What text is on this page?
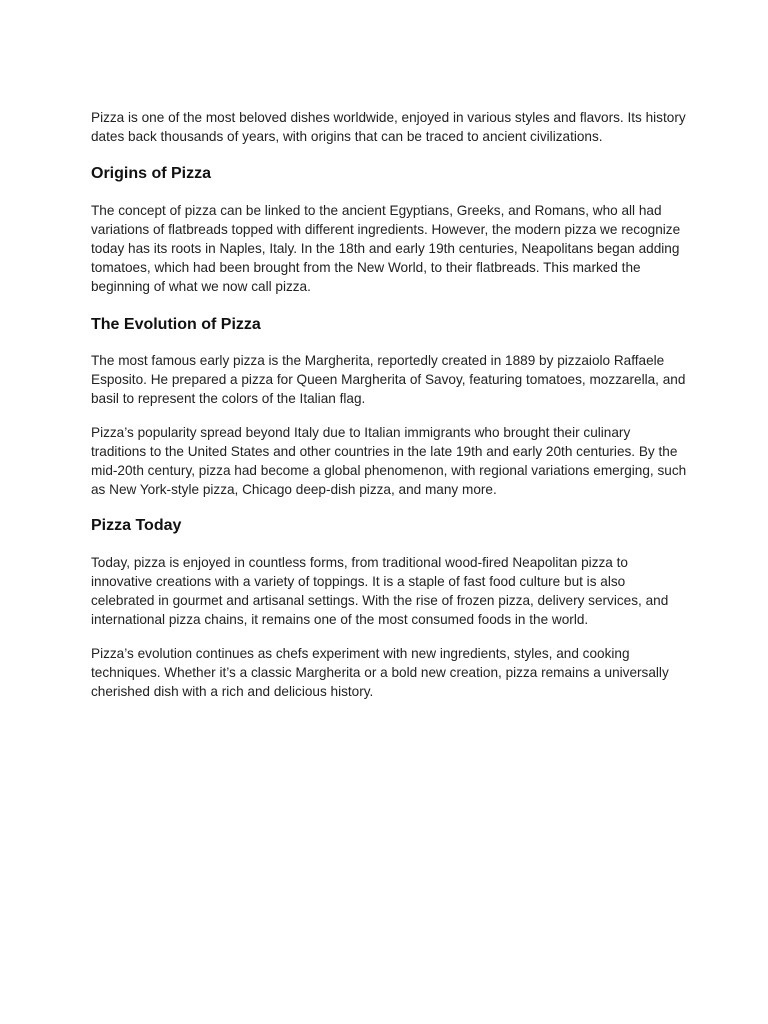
Pizza is one of the most beloved dishes worldwide, enjoyed in various styles and flavors. Its history dates back thousands of years, with origins that can be traced to ancient civilizations.

Origins of Pizza

The concept of pizza can be linked to the ancient Egyptians, Greeks, and Romans, who all had variations of flatbreads topped with different ingredients. However, the modern pizza we recognize today has its roots in Naples, Italy. In the 18th and early 19th centuries, Neapolitans began adding tomatoes, which had been brought from the New World, to their flatbreads. This marked the beginning of what we now call pizza.

The Evolution of Pizza

The most famous early pizza is the Margherita, reportedly created in 1889 by pizzaiolo Raffaele Esposito. He prepared a pizza for Queen Margherita of Savoy, featuring tomatoes, mozzarella, and basil to represent the colors of the Italian flag.

Pizza’s popularity spread beyond Italy due to Italian immigrants who brought their culinary traditions to the United States and other countries in the late 19th and early 20th centuries. By the mid-20th century, pizza had become a global phenomenon, with regional variations emerging, such as New York-style pizza, Chicago deep-dish pizza, and many more.

Pizza Today

Today, pizza is enjoyed in countless forms, from traditional wood-fired Neapolitan pizza to innovative creations with a variety of toppings. It is a staple of fast food culture but is also celebrated in gourmet and artisanal settings. With the rise of frozen pizza, delivery services, and international pizza chains, it remains one of the most consumed foods in the world.

Pizza’s evolution continues as chefs experiment with new ingredients, styles, and cooking techniques. Whether it’s a classic Margherita or a bold new creation, pizza remains a universally cherished dish with a rich and delicious history.
